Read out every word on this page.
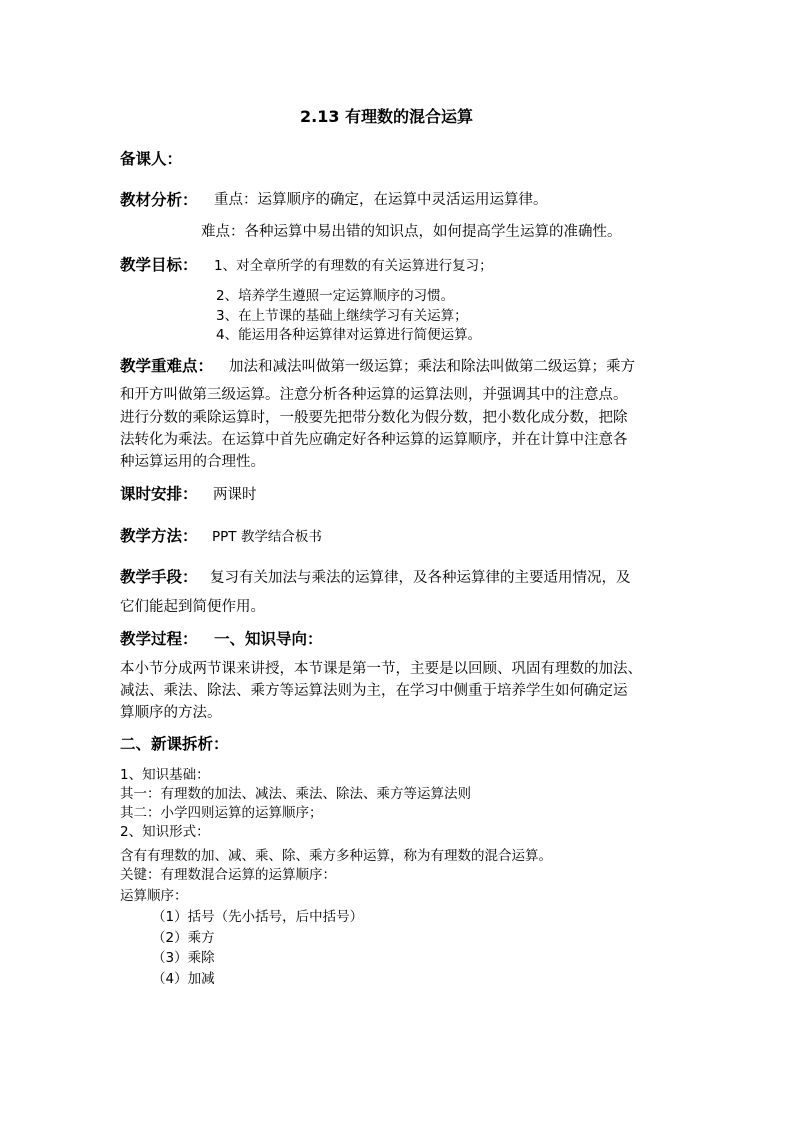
2.13 有理数的混合运算
备课人：
教材分析： 重点：运算顺序的确定，在运算中灵活运用运算律。
难点：各种运算中易出错的知识点，如何提高学生运算的准确性。
教学目标： 1、对全章所学的有理数的有关运算进行复习；
2、培养学生遵照一定运算顺序的习惯。
3、在上节课的基础上继续学习有关运算；
4、能运用各种运算律对运算进行简便运算。
教学重难点： 加法和减法叫做第一级运算；乘法和除法叫做第二级运算；乘方
和开方叫做第三级运算。注意分析各种运算的运算法则，并强调其中的注意点。
进行分数的乘除运算时，一般要先把带分数化为假分数，把小数化成分数，把除
法转化为乘法。在运算中首先应确定好各种运算的运算顺序，并在计算中注意各
种运算运用的合理性。
课时安排： 两课时
教学方法： PPT 教学结合板书
教学手段： 复习有关加法与乘法的运算律，及各种运算律的主要适用情况，及
它们能起到简便作用。
教学过程： 一、知识导向：
本小节分成两节课来讲授，本节课是第一节，主要是以回顾、巩固有理数的加法、
减法、乘法、除法、乘方等运算法则为主，在学习中侧重于培养学生如何确定运
算顺序的方法。
二、新课拆析：
1、知识基础：
其一：有理数的加法、减法、乘法、除法、乘方等运算法则
其二：小学四则运算的运算顺序；
2、知识形式：
含有有理数的加、减、乘、除、乘方多种运算，称为有理数的混合运算。
关键：有理数混合运算的运算顺序：
运算顺序：
（1）括号（先小括号，后中括号）
（2）乘方
（3）乘除
（4）加减
